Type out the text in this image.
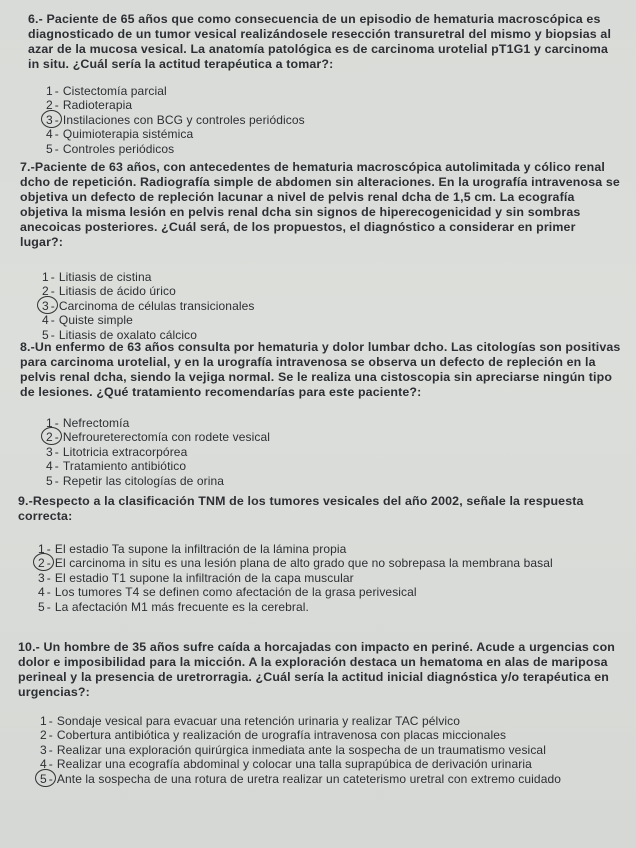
6.- Paciente de 65 años que como consecuencia de un episodio de hematuria macroscópica es diagnosticado de un tumor vesical realizándosele resección transuretral del mismo y biopsias al azar de la mucosa vesical. La anatomía patológica es de carcinoma urotelial pT1G1 y carcinoma in situ. ¿Cuál sería la actitud terapéutica a tomar?:

1 - Cistectomía parcial
2 - Radioterapia
3 - Instilaciones con BCG y controles periódicos
4 - Quimioterapia sistémica
5 - Controles periódicos

7.-Paciente de 63 años, con antecedentes de hematuria macroscópica autolimitada y cólico renal dcho de repetición. Radiografía simple de abdomen sin alteraciones. En la urografía intravenosa se objetiva un defecto de repleción lacunar a nivel de pelvis renal dcha de 1,5 cm. La ecografía objetiva la misma lesión en pelvis renal dcha sin signos de hiperecogenicidad y sin sombras anecoicas posteriores. ¿Cuál será, de los propuestos, el diagnóstico a considerar en primer lugar?:

1 - Litiasis de cistina
2 - Litiasis de ácido úrico
3 - Carcinoma de células transicionales
4 - Quiste simple
5 - Litiasis de oxalato cálcico

8.-Un enfermo de 63 años consulta por hematuria y dolor lumbar dcho. Las citologías son positivas para carcinoma urotelial, y en la urografía intravenosa se observa un defecto de repleción en la pelvis renal dcha, siendo la vejiga normal. Se le realiza una cistoscopia sin apreciarse ningún tipo de lesiones. ¿Qué tratamiento recomendarías para este paciente?:

1 - Nefrectomía
2 - Nefroureterectomía con rodete vesical
3 - Litotricia extracorpórea
4 - Tratamiento antibiótico
5 - Repetir las citologías de orina

9.-Respecto a la clasificación TNM de los tumores vesicales del año 2002, señale la respuesta correcta:

1 - El estadio Ta supone la infiltración de la lámina propia
2 - El carcinoma in situ es una lesión plana de alto grado que no sobrepasa la membrana basal
3 - El estadio T1 supone la infiltración de la capa muscular
4 - Los tumores T4 se definen como afectación de la grasa perivesical
5 - La afectación M1 más frecuente es la cerebral.

10.- Un hombre de 35 años sufre caída a horcajadas con impacto en periné. Acude a urgencias con dolor e imposibilidad para la micción. A la exploración destaca un hematoma en alas de mariposa perineal y la presencia de uretrorragia. ¿Cuál sería la actitud inicial diagnóstica y/o terapéutica en urgencias?:

1 - Sondaje vesical para evacuar una retención urinaria y realizar TAC pélvico
2 - Cobertura antibiótica y realización de urografía intravenosa con placas miccionales
3 - Realizar una exploración quirúrgica inmediata ante la sospecha de un traumatismo vesical
4 - Realizar una ecografía abdominal y colocar una talla suprapúbica de derivación urinaria
5 - Ante la sospecha de una rotura de uretra realizar un cateterismo uretral con extremo cuidado
